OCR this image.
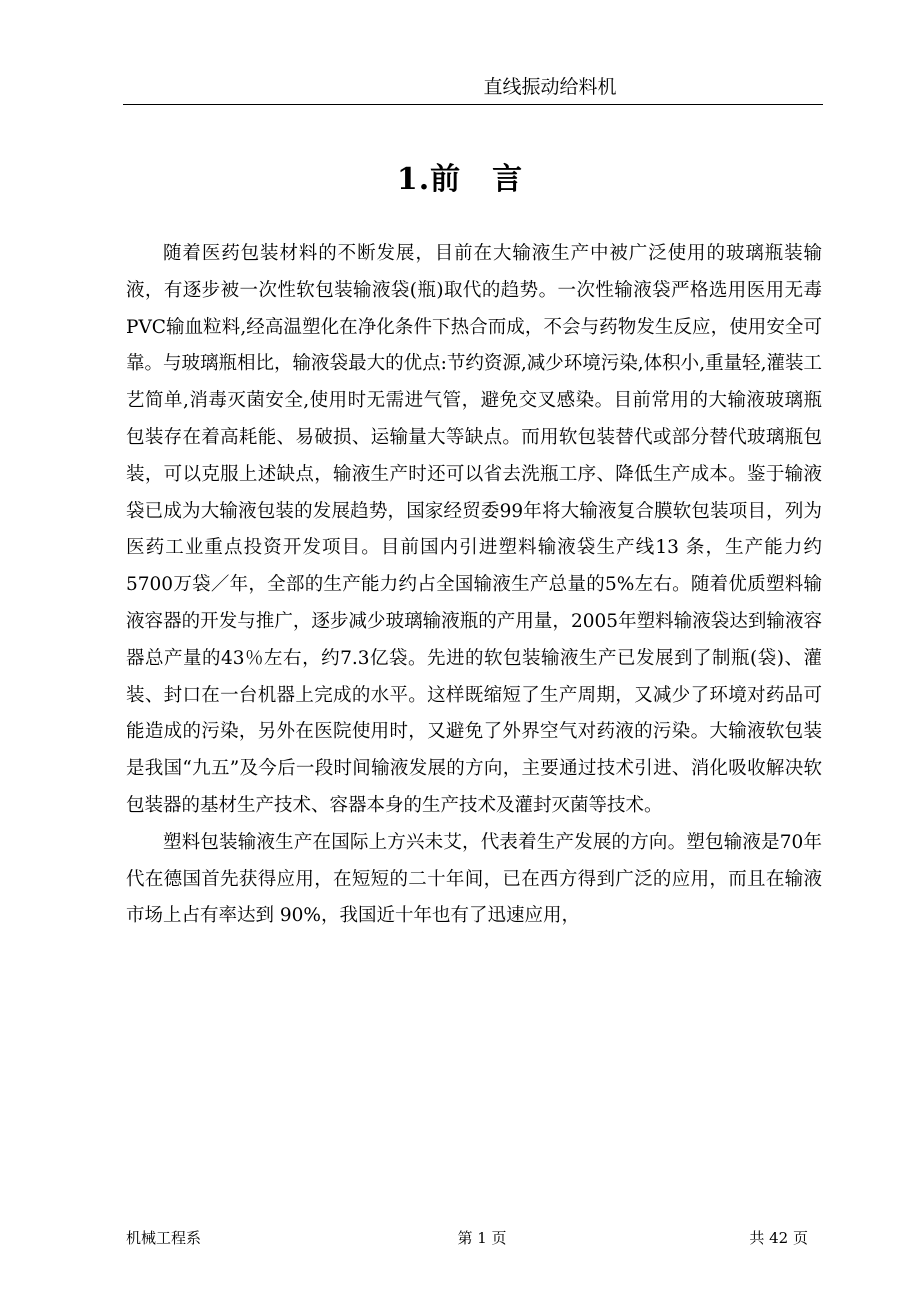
直线振动给料机
1.前　言

随着医药包装材料的不断发展，目前在大输液生产中被广泛使用的玻璃瓶装输液，有逐步被一次性软包装输液袋(瓶)取代的趋势。一次性输液袋严格选用医用无毒PVC输血粒料,经高温塑化在净化条件下热合而成，不会与药物发生反应，使用安全可靠。与玻璃瓶相比，输液袋最大的优点:节约资源,减少环境污染,体积小,重量轻,灌装工艺简单,消毒灭菌安全,使用时无需进气管，避免交叉感染。目前常用的大输液玻璃瓶包装存在着高耗能、易破损、运输量大等缺点。而用软包装替代或部分替代玻璃瓶包装，可以克服上述缺点，输液生产时还可以省去洗瓶工序、降低生产成本。鉴于输液袋已成为大输液包装的发展趋势，国家经贸委99年将大输液复合膜软包装项目，列为医药工业重点投资开发项目。目前国内引进塑料输液袋生产线13 条，生产能力约5700万袋／年，全部的生产能力约占全国输液生产总量的5%左右。随着优质塑料输液容器的开发与推广，逐步减少玻璃输液瓶的产用量，2005年塑料输液袋达到输液容器总产量的43％左右，约7.3亿袋。先进的软包装输液生产已发展到了制瓶(袋)、灌装、封口在一台机器上完成的水平。这样既缩短了生产周期，又减少了环境对药品可能造成的污染，另外在医院使用时，又避免了外界空气对药液的污染。大输液软包装是我国“九五”及今后一段时间输液发展的方向，主要通过技术引进、消化吸收解决软包装器的基材生产技术、容器本身的生产技术及灌封灭菌等技术。

塑料包装输液生产在国际上方兴未艾，代表着生产发展的方向。塑包输液是70年代在德国首先获得应用，在短短的二十年间，已在西方得到广泛的应用，而且在输液市场上占有率达到 90%，我国近十年也有了迅速应用，

机械工程系	第 1 页	共 42 页
